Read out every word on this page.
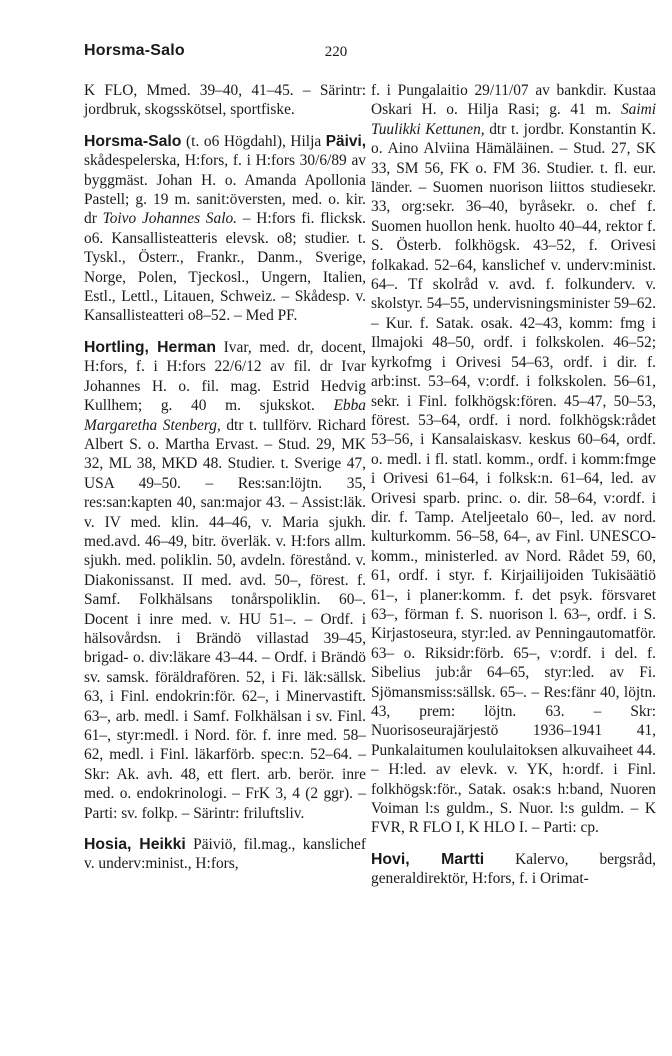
Horsma-Salo	220

K FLO, Mmed. 39–40, 41–45. – Särintr: jordbruk, skogsskötsel, sportfiske.

Horsma-Salo (t. o6 Högdahl), Hilja Päivi, skådespelerska, H:fors, f. i H:fors 30/6/89 av byggmäst. Johan H. o. Amanda Apollonia Pastell; g. 19 m. sanit:översten, med. o. kir. dr Toivo Johannes Salo. – H:fors fi. flicksk. o6. Kansallisteatteris elevsk. o8; studier. t. Tyskl., Österr., Frankr., Danm., Sverige, Norge, Polen, Tjeckosl., Ungern, Italien, Estl., Lettl., Litauen, Schweiz. – Skådesp. v. Kansallisteatteri o8–52. – Med PF.

Hortling, Herman Ivar, med. dr, docent, H:fors, f. i H:fors 22/6/12 av fil. dr Ivar Johannes H. o. fil. mag. Estrid Hedvig Kullhem; g. 40 m. sjukskot. Ebba Margaretha Stenberg, dtr t. tullförv. Richard Albert S. o. Martha Ervast. – Stud. 29, MK 32, ML 38, MKD 48. Studier. t. Sverige 47, USA 49–50. – Res:san:löjtn. 35, res:san:kapten 40, san:major 43. – Assist:läk. v. IV med. klin. 44–46, v. Maria sjukh. med.avd. 46–49, bitr. överläk. v. H:fors allm. sjukh. med. poliklin. 50, avdeln. förestånd. v. Diakonissanst. II med. avd. 50–, förest. f. Samf. Folkhälsans tonårspoliklin. 60–. Docent i inre med. v. HU 51–. – Ordf. i hälsovårdsn. i Brändö villastad 39–45, brigad- o. div:läkare 43–44. – Ordf. i Brändö sv. samsk. föräldrafören. 52, i Fi. läk:sällsk. 63, i Finl. endokrin:för. 62–, i Minervastift. 63–, arb. medl. i Samf. Folkhälsan i sv. Finl. 61–, styr:medl. i Nord. för. f. inre med. 58–62, medl. i Finl. läkarförb. spec:n. 52–64. – Skr: Ak. avh. 48, ett flert. arb. berör. inre med. o. endokrinologi. – FrK 3, 4 (2 ggr). – Parti: sv. folkp. – Särintr: friluftsliv.

Hosia, Heikki Päiviö, fil.mag., kanslichef v. underv:minist., H:fors,

f. i Pungalaitio 29/11/07 av bankdir. Kustaa Oskari H. o. Hilja Rasi; g. 41 m. Saimi Tuulikki Kettunen, dtr t. jordbr. Konstantin K. o. Aino Alviina Hämäläinen. – Stud. 27, SK 33, SM 56, FK o. FM 36. Studier. t. fl. eur. länder. – Suomen nuorison liittos studiesekr. 33, org:sekr. 36–40, byråsekr. o. chef f. Suomen huollon henk. huolto 40–44, rektor f. S. Österb. folkhögsk. 43–52, f. Orivesi folkakad. 52–64, kanslichef v. underv:minist. 64–. Tf skolråd v. avd. f. folkunderv. v. skolstyr. 54–55, undervisningsminister 59–62. – Kur. f. Satak. osak. 42–43, komm: fmg i Ilmajoki 48–50, ordf. i folkskolen. 46–52; kyrkofmg i Orivesi 54–63, ordf. i dir. f. arb:inst. 53–64, v:ordf. i folkskolen. 56–61, sekr. i Finl. folkhögsk:fören. 45–47, 50–53, förest. 53–64, ordf. i nord. folkhögsk:rådet 53–56, i Kansalaiskasv. keskus 60–64, ordf. o. medl. i fl. statl. komm., ordf. i komm:fmge i Orivesi 61–64, i folksk:n. 61–64, led. av Orivesi sparb. princ. o. dir. 58–64, v:ordf. i dir. f. Tamp. Ateljeetalo 60–, led. av nord. kulturkomm. 56–58, 64–, av Finl. UNESCO-komm., ministerled. av Nord. Rådet 59, 60, 61, ordf. i styr. f. Kirjailijoiden Tukisäätiö 61–, i planer:komm. f. det psyk. försvaret 63–, förman f. S. nuorison l. 63–, ordf. i S. Kirjastoseura, styr:led. av Penningautomatför. 63– o. Riksidr:förb. 65–, v:ordf. i del. f. Sibelius jub:år 64–65, styr:led. av Fi. Sjömansmiss:sällsk. 65–. – Res:fänr 40, löjtn. 43, prem: löjtn. 63. – Skr: Nuorisoseurajärjestö 1936–1941 41, Punkalaitumen koululaitoksen alkuvaiheet 44. – H:led. av elevk. v. YK, h:ordf. i Finl. folkhögsk:för., Satak. osak:s h:band, Nuoren Voiman l:s guldm., S. Nuor. l:s guldm. – K FVR, R FLO I, K HLO I. – Parti: cp.

Hovi, Martti Kalervo, bergsråd, generaldirektör, H:fors, f. i Orimat-
